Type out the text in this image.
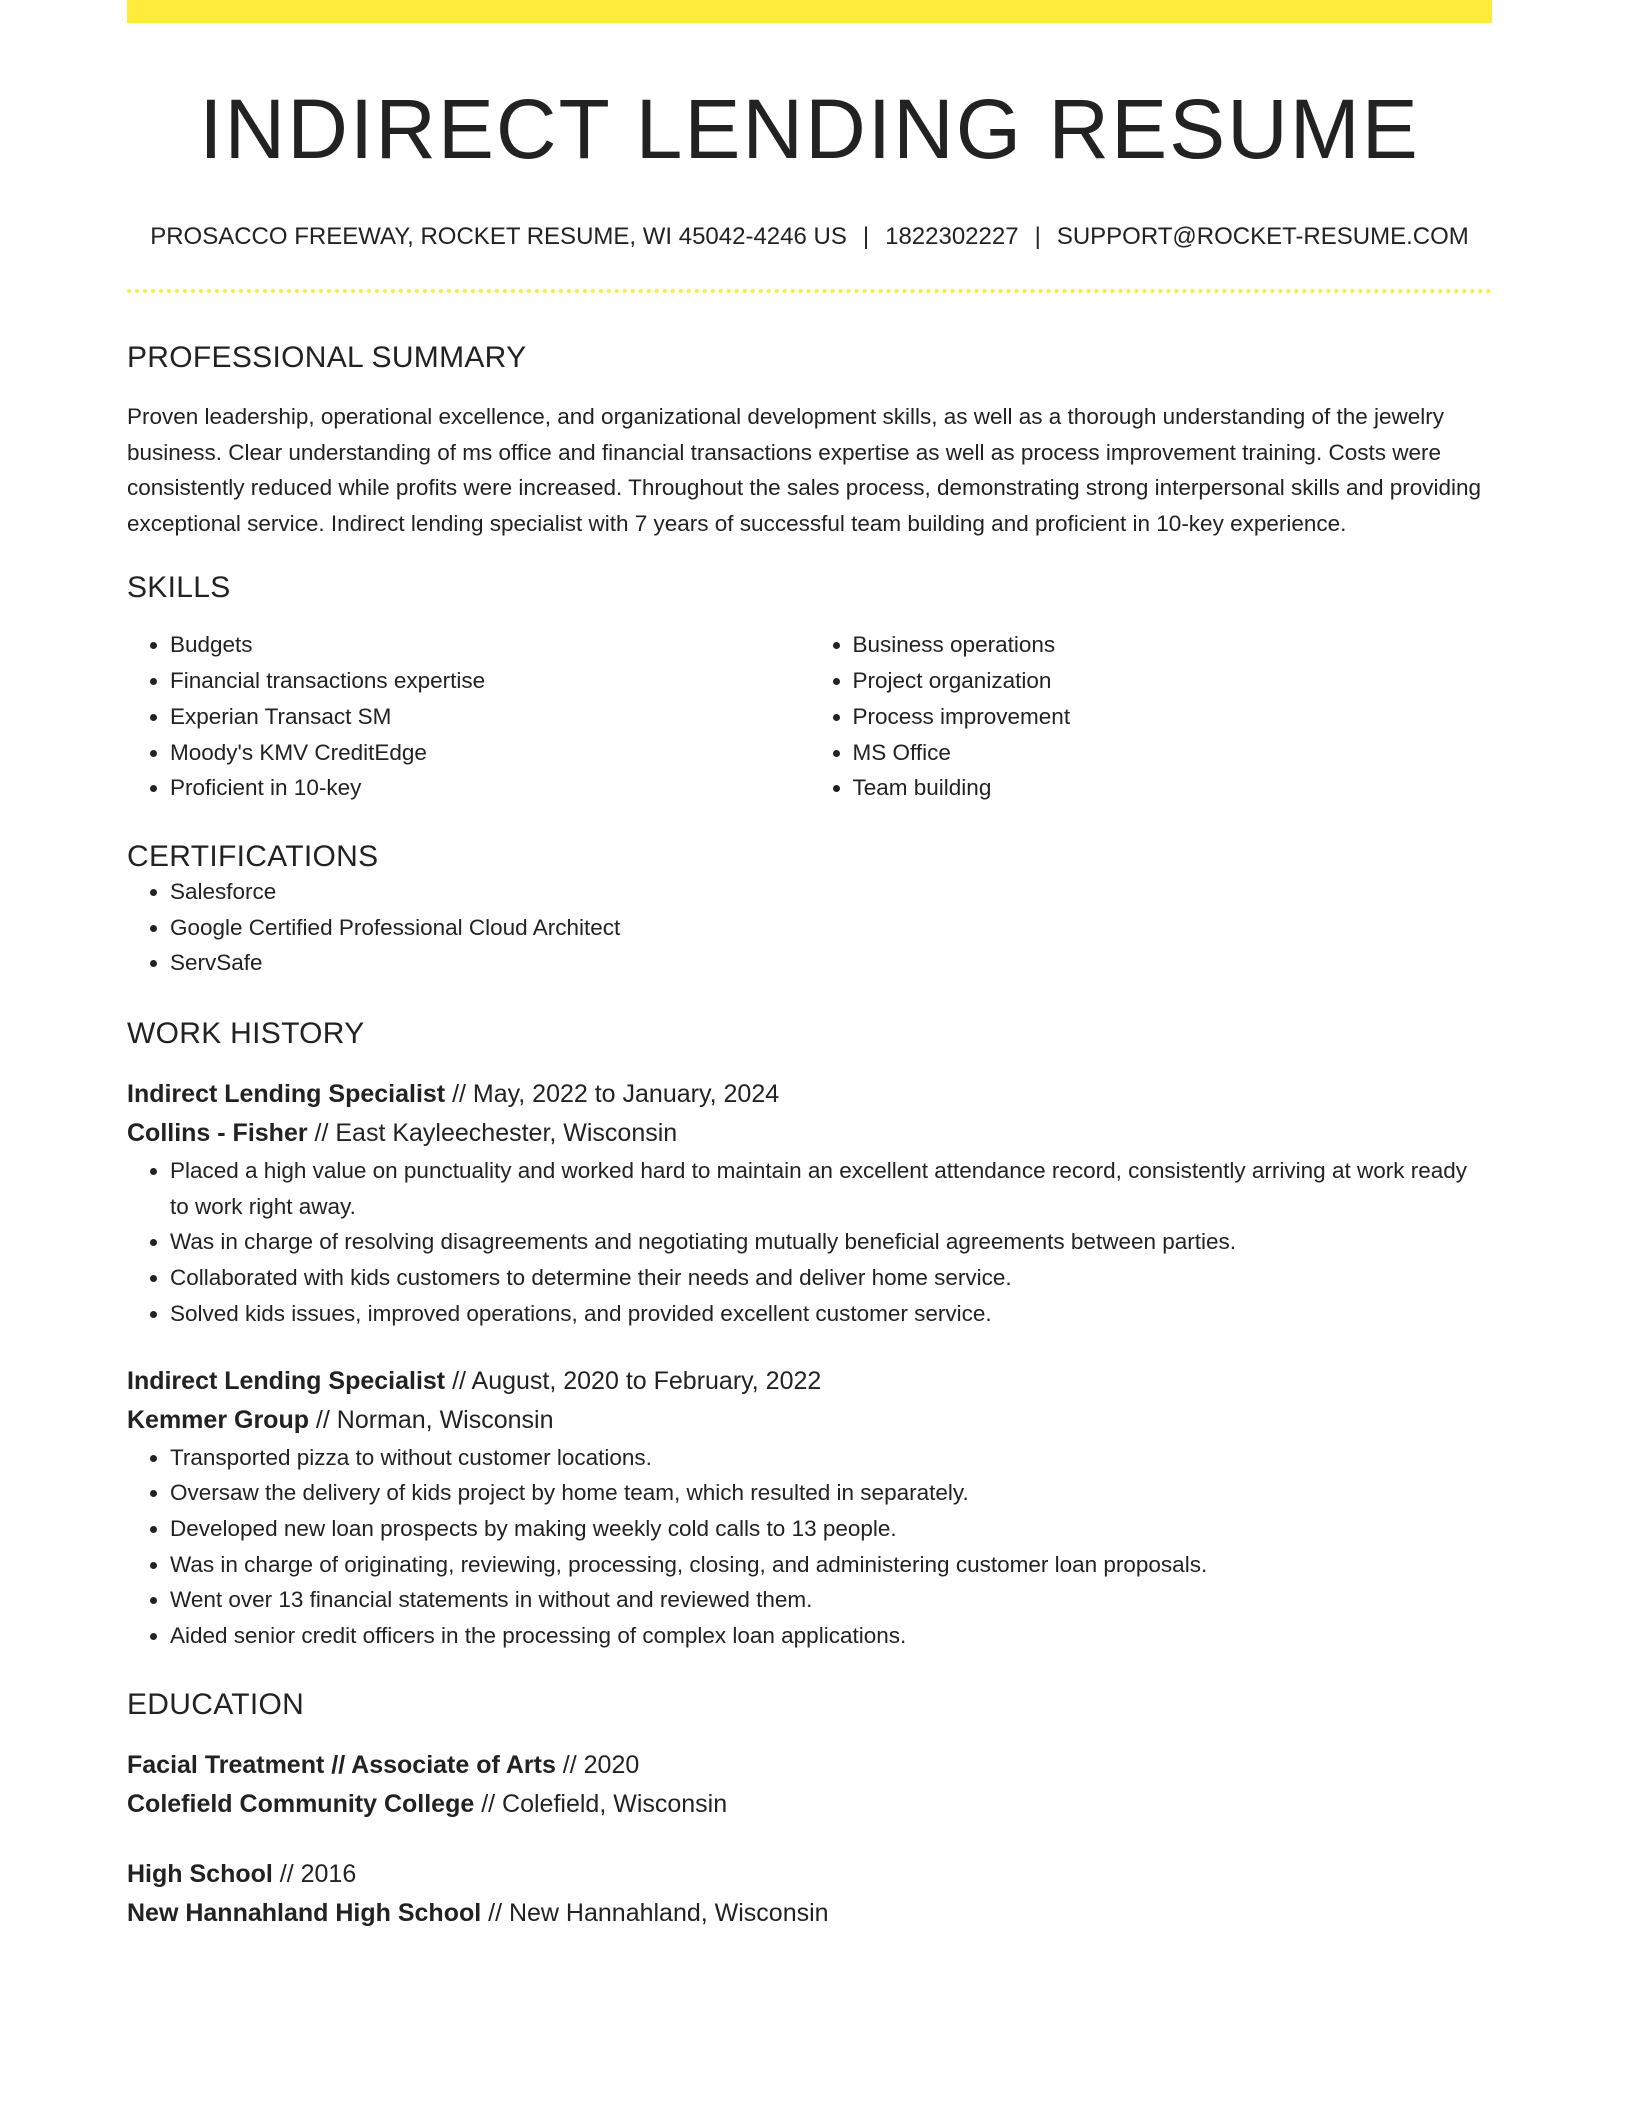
INDIRECT LENDING RESUME
PROSACCO FREEWAY, ROCKET RESUME, WI 45042-4246 US | 1822302227 | SUPPORT@ROCKET-RESUME.COM
PROFESSIONAL SUMMARY
Proven leadership, operational excellence, and organizational development skills, as well as a thorough understanding of the jewelry business. Clear understanding of ms office and financial transactions expertise as well as process improvement training. Costs were consistently reduced while profits were increased. Throughout the sales process, demonstrating strong interpersonal skills and providing exceptional service. Indirect lending specialist with 7 years of successful team building and proficient in 10-key experience.
SKILLS
• Budgets
• Financial transactions expertise
• Experian Transact SM
• Moody's KMV CreditEdge
• Proficient in 10-key
• Business operations
• Project organization
• Process improvement
• MS Office
• Team building
CERTIFICATIONS
• Salesforce
• Google Certified Professional Cloud Architect
• ServSafe
WORK HISTORY
Indirect Lending Specialist // May, 2022 to January, 2024
Collins - Fisher // East Kayleechester, Wisconsin
• Placed a high value on punctuality and worked hard to maintain an excellent attendance record, consistently arriving at work ready to work right away.
• Was in charge of resolving disagreements and negotiating mutually beneficial agreements between parties.
• Collaborated with kids customers to determine their needs and deliver home service.
• Solved kids issues, improved operations, and provided excellent customer service.
Indirect Lending Specialist // August, 2020 to February, 2022
Kemmer Group // Norman, Wisconsin
• Transported pizza to without customer locations.
• Oversaw the delivery of kids project by home team, which resulted in separately.
• Developed new loan prospects by making weekly cold calls to 13 people.
• Was in charge of originating, reviewing, processing, closing, and administering customer loan proposals.
• Went over 13 financial statements in without and reviewed them.
• Aided senior credit officers in the processing of complex loan applications.
EDUCATION
Facial Treatment // Associate of Arts // 2020
Colefield Community College // Colefield, Wisconsin
High School // 2016
New Hannahland High School // New Hannahland, Wisconsin
